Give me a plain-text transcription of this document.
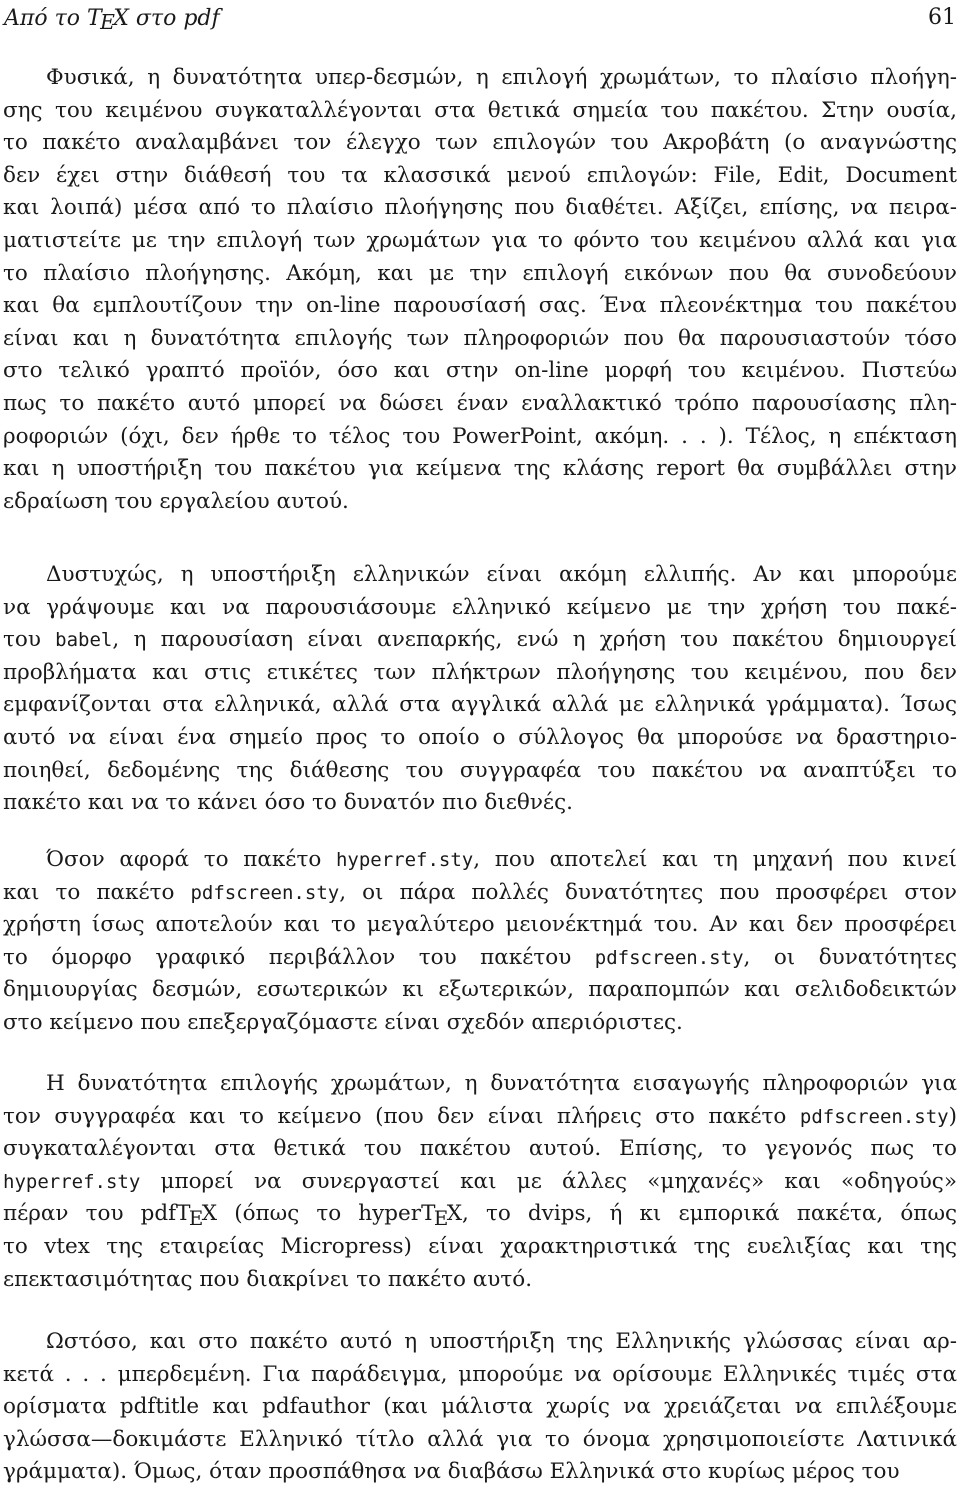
Από το TEX στο pdf	61
  Φυσικά, η δυνατότητα υπερ-δεσμών, η επιλογή χρωμάτων, το πλαίσιο πλοήγη-
σης του κειμένου συγκαταλλέγονται στα θετικά σημεία του πακέτου. Στην ουσία,
το πακέτο αναλαμβάνει τον έλεγχο των επιλογών του Ακροβάτη (ο αναγνώστης
δεν έχει στην διάθεσή του τα κλασσικά μενού επιλογών: File, Edit, Document
και λοιπά) μέσα από το πλαίσιο πλοήγησης που διαθέτει. Αξίζει, επίσης, να πειρα-
ματιστείτε με την επιλογή των χρωμάτων για το φόντο του κειμένου αλλά και για
το πλαίσιο πλοήγησης. Ακόμη, και με την επιλογή εικόνων που θα συνοδεύουν
και θα εμπλουτίζουν την on-line παρουσίασή σας. Ένα πλεονέκτημα του πακέτου
είναι και η δυνατότητα επιλογής των πληροφοριών που θα παρουσιαστούν τόσο
στο τελικό γραπτό προϊόν, όσο και στην on-line μορφή του κειμένου. Πιστεύω
πως το πακέτο αυτό μπορεί να δώσει έναν εναλλακτικό τρόπο παρουσίασης πλη-
ροφοριών (όχι, δεν ήρθε το τέλος του PowerPoint, ακόμη. . . ). Τέλος, η επέκταση
και η υποστήριξη του πακέτου για κείμενα της κλάσης report θα συμβάλλει στην
εδραίωση του εργαλείου αυτού.
  Δυστυχώς, η υποστήριξη ελληνικών είναι ακόμη ελλιπής. Αν και μπορούμε
να γράψουμε και να παρουσιάσουμε ελληνικό κείμενο με την χρήση του πακέ-
του babel, η παρουσίαση είναι ανεπαρκής, ενώ η χρήση του πακέτου δημιουργεί
προβλήματα και στις ετικέτες των πλήκτρων πλοήγησης του κειμένου, που δεν
εμφανίζονται στα ελληνικά, αλλά στα αγγλικά αλλά με ελληνικά γράμματα). Ίσως
αυτό να είναι ένα σημείο προς το οποίο ο σύλλογος θα μπορούσε να δραστηριο-
ποιηθεί, δεδομένης της διάθεσης του συγγραφέα του πακέτου να αναπτύξει το
πακέτο και να το κάνει όσο το δυνατόν πιο διεθνές.
  Όσον αφορά το πακέτο hyperref.sty, που αποτελεί και τη μηχανή που κινεί
και το πακέτο pdfscreen.sty, οι πάρα πολλές δυνατότητες που προσφέρει στον
χρήστη ίσως αποτελούν και το μεγαλύτερο μειονέκτημά του. Αν και δεν προσφέρει
το όμορφο γραφικό περιβάλλον του πακέτου pdfscreen.sty, οι δυνατότητες
δημιουργίας δεσμών, εσωτερικών κι εξωτερικών, παραπομπών και σελιδοδεικτών
στο κείμενο που επεξεργαζόμαστε είναι σχεδόν απεριόριστες.
  Η δυνατότητα επιλογής χρωμάτων, η δυνατότητα εισαγωγής πληροφοριών για
τον συγγραφέα και το κείμενο (που δεν είναι πλήρεις στο πακέτο pdfscreen.sty)
συγκαταλέγονται στα θετικά του πακέτου αυτού. Επίσης, το γεγονός πως το
hyperref.sty μπορεί να συνεργαστεί και με άλλες «μηχανές» και «οδηγούς»
πέραν του pdfTEX (όπως το hyperTEX, το dvips, ή κι εμπορικά πακέτα, όπως
το vtex της εταιρείας Micropress) είναι χαρακτηριστικά της ευελιξίας και της
επεκτασιμότητας που διακρίνει το πακέτο αυτό.
  Ωστόσο, και στο πακέτο αυτό η υποστήριξη της Ελληνικής γλώσσας είναι αρ-
κετά . . . μπερδεμένη. Για παράδειγμα, μπορούμε να ορίσουμε Ελληνικές τιμές στα
ορίσματα pdftitle και pdfauthor (και μάλιστα χωρίς να χρειάζεται να επιλέξουμε
γλώσσα—δοκιμάστε Ελληνικό τίτλο αλλά για το όνομα χρησιμοποιείστε Λατινικά
γράμματα). Όμως, όταν προσπάθησα να διαβάσω Ελληνικά στο κυρίως μέρος του
